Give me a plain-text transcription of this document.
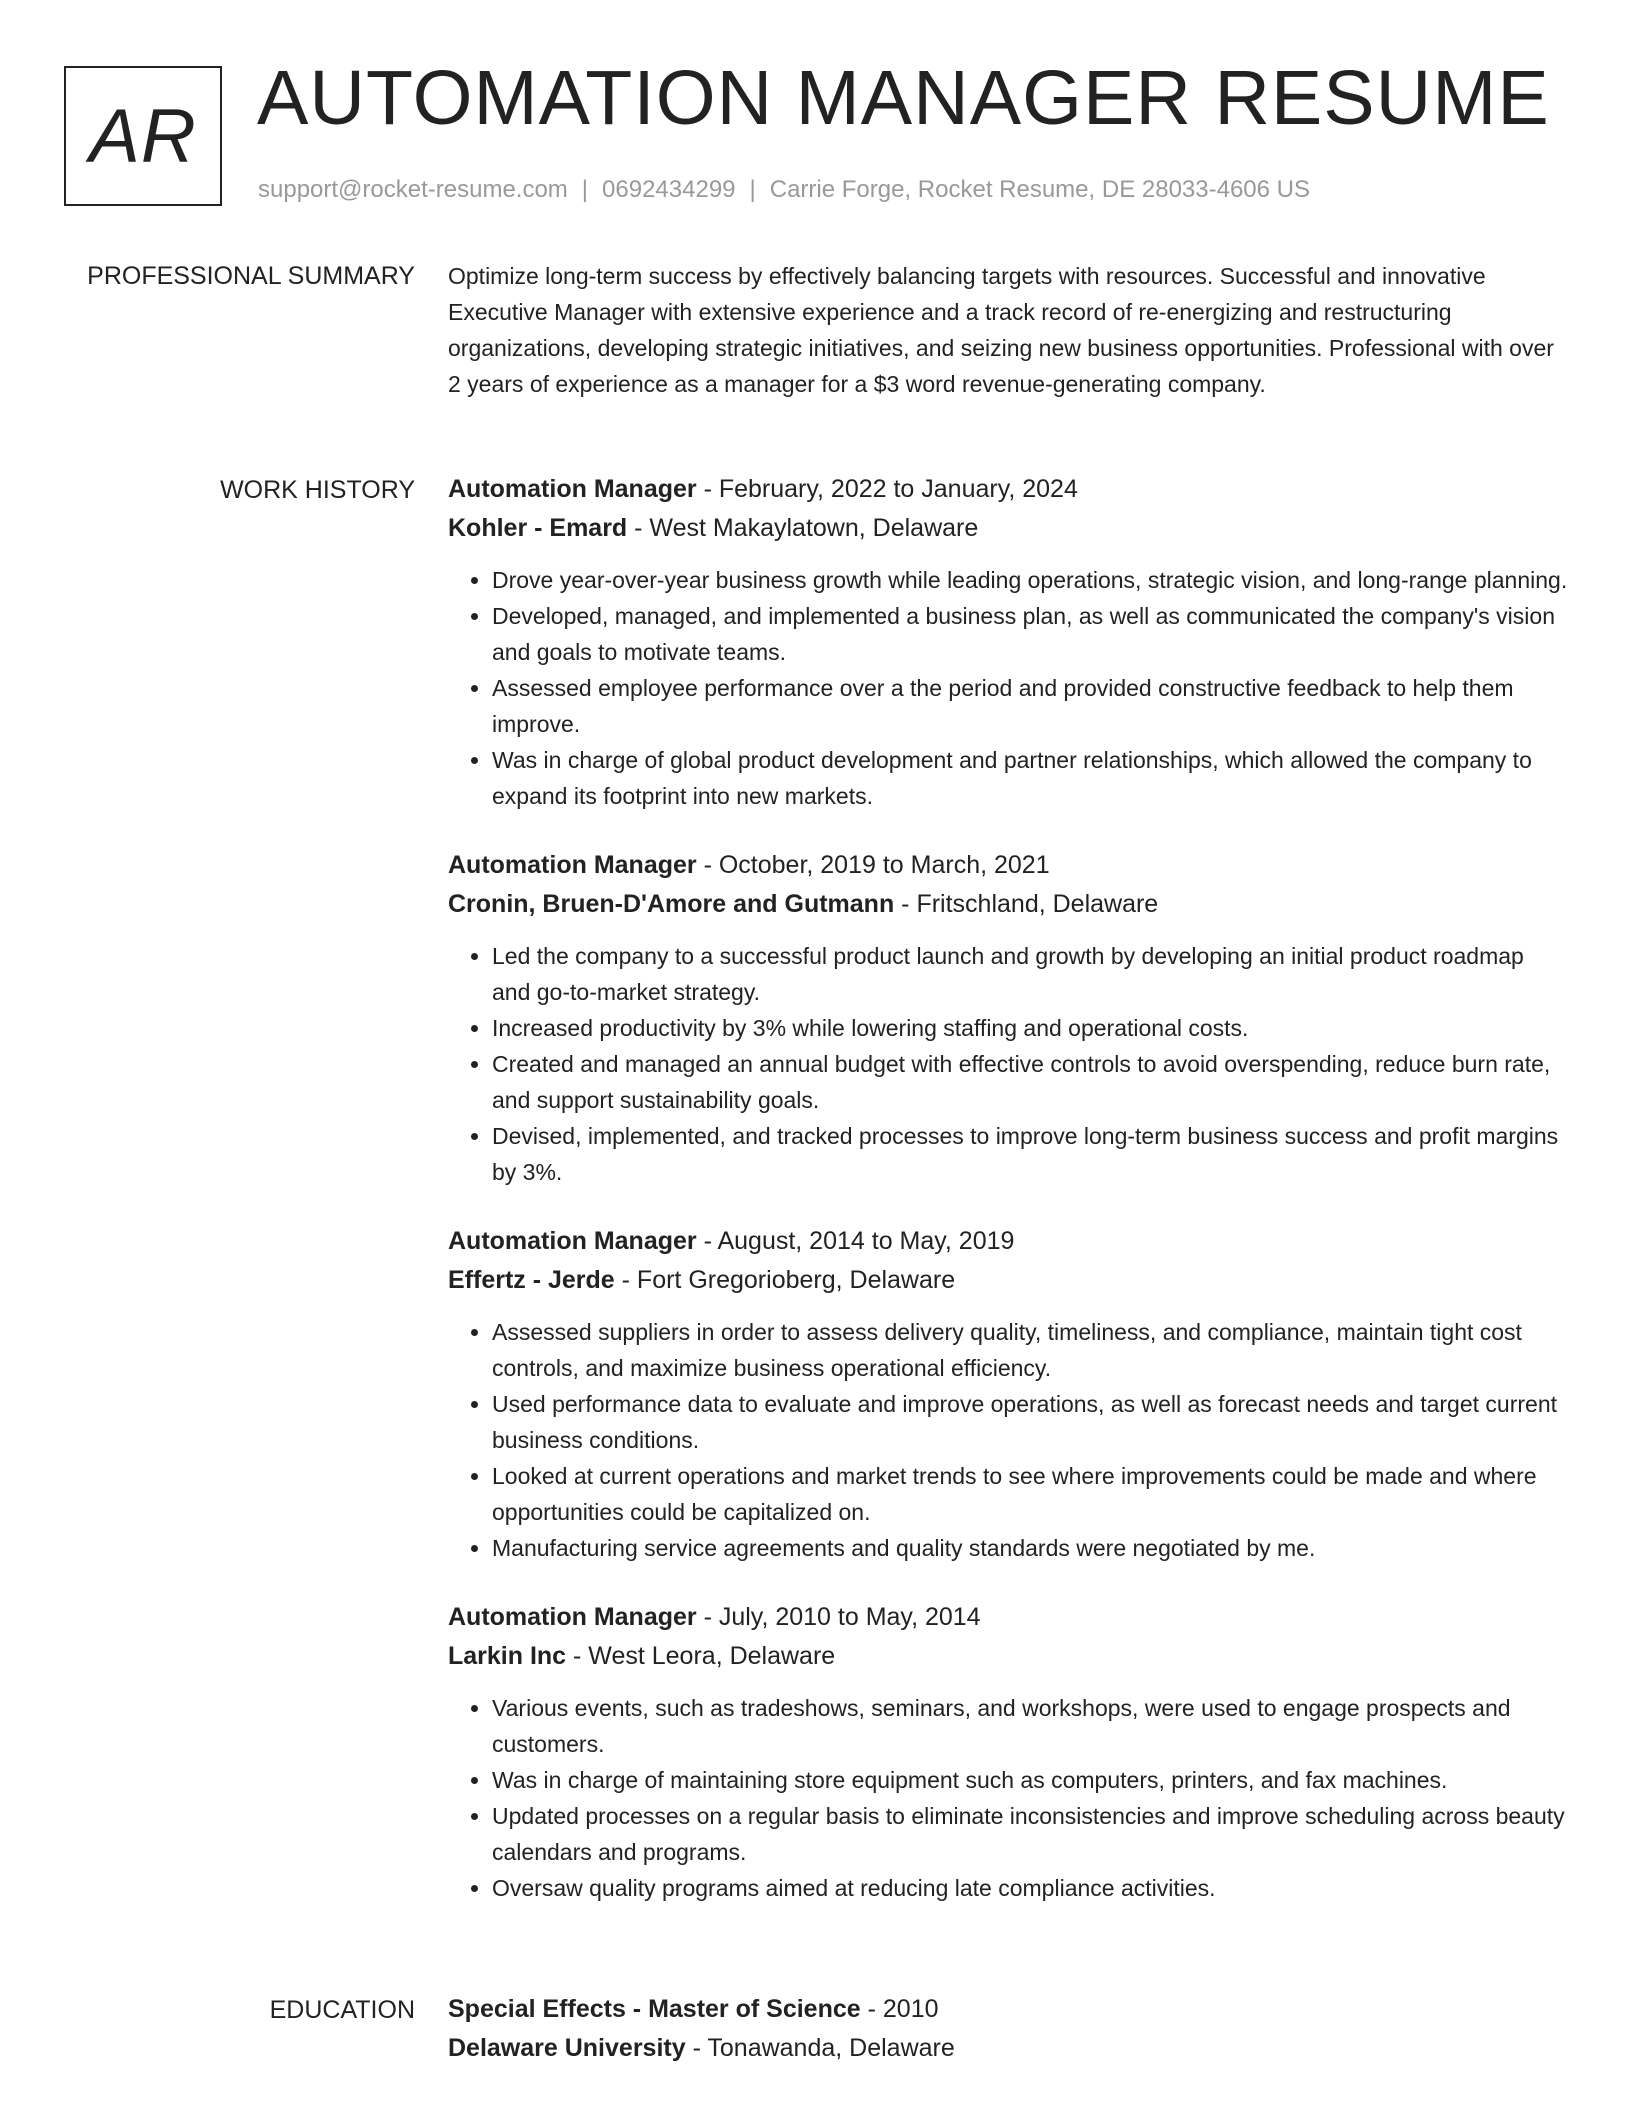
AR AUTOMATION MANAGER RESUME
support@rocket-resume.com | 0692434299 | Carrie Forge, Rocket Resume, DE 28033-4606 US
PROFESSIONAL SUMMARY Optimize long-term success by effectively balancing targets with resources. Successful and innovative Executive Manager with extensive experience and a track record of re-energizing and restructuring organizations, developing strategic initiatives, and seizing new business opportunities. Professional with over 2 years of experience as a manager for a $3 word revenue-generating company.

WORK HISTORY Automation Manager - February, 2022 to January, 2024
Kohler - Emard - West Makaylatown, Delaware
• Drove year-over-year business growth while leading operations, strategic vision, and long-range planning.
• Developed, managed, and implemented a business plan, as well as communicated the company's vision and goals to motivate teams.
• Assessed employee performance over a the period and provided constructive feedback to help them improve.
• Was in charge of global product development and partner relationships, which allowed the company to expand its footprint into new markets.
Automation Manager - October, 2019 to March, 2021
Cronin, Bruen-D'Amore and Gutmann - Fritschland, Delaware
• Led the company to a successful product launch and growth by developing an initial product roadmap and go-to-market strategy.
• Increased productivity by 3% while lowering staffing and operational costs.
• Created and managed an annual budget with effective controls to avoid overspending, reduce burn rate, and support sustainability goals.
• Devised, implemented, and tracked processes to improve long-term business success and profit margins by 3%.
Automation Manager - August, 2014 to May, 2019
Effertz - Jerde - Fort Gregorioberg, Delaware
• Assessed suppliers in order to assess delivery quality, timeliness, and compliance, maintain tight cost controls, and maximize business operational efficiency.
• Used performance data to evaluate and improve operations, as well as forecast needs and target current business conditions.
• Looked at current operations and market trends to see where improvements could be made and where opportunities could be capitalized on.
• Manufacturing service agreements and quality standards were negotiated by me.
Automation Manager - July, 2010 to May, 2014
Larkin Inc - West Leora, Delaware
• Various events, such as tradeshows, seminars, and workshops, were used to engage prospects and customers.
• Was in charge of maintaining store equipment such as computers, printers, and fax machines.
• Updated processes on a regular basis to eliminate inconsistencies and improve scheduling across beauty calendars and programs.
• Oversaw quality programs aimed at reducing late compliance activities.
EDUCATION Special Effects - Master of Science - 2010
Delaware University - Tonawanda, Delaware
